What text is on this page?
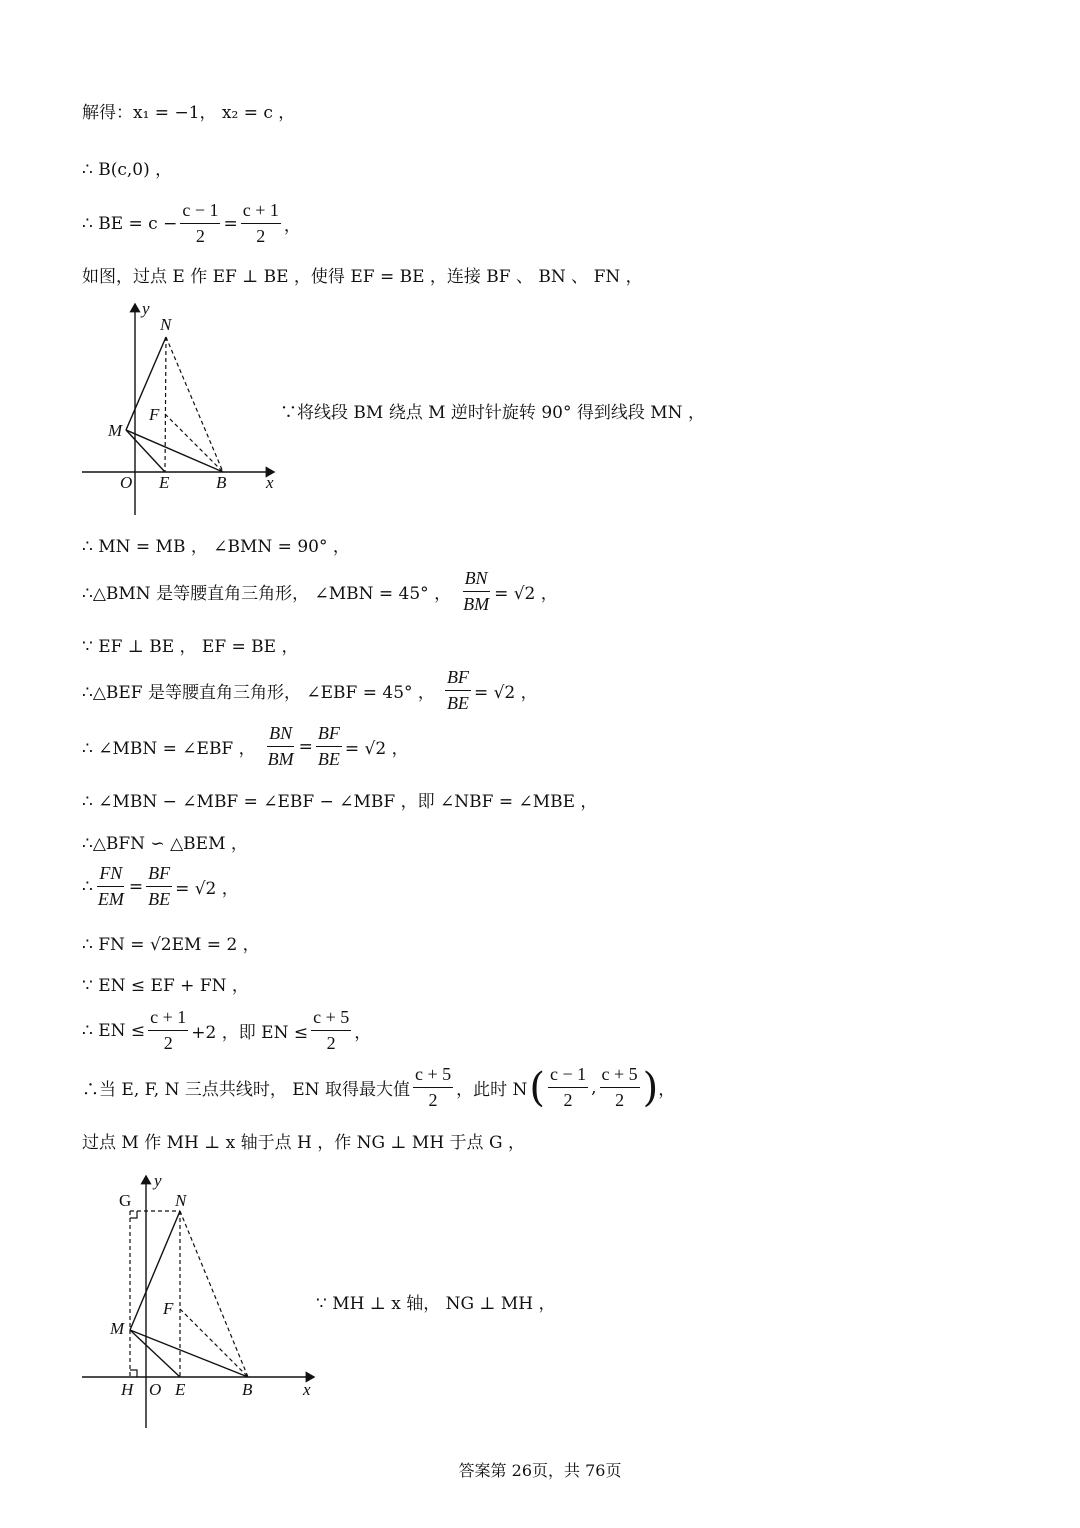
解得：x₁ = −1， x₂ = c ，
∴ B(c,0) ，
∴ BE = $c - \frac{c - 1}{2} = \frac{c + 1}{2}$ ，
如图，过点 E 作 EF ⊥ BE ，使得 EF = BE ，连接 BF 、 BN 、 FN ，
y
N
F
M
O E	B x
∵将线段 BM 绕点 M 逆时针旋转 90° 得到线段 MN ，
∴ MN = MB ， ∠BMN = 90° ，
∴△BMN 是等腰直角三角形， ∠MBN = 45° ， $\frac{BN}{BM} = √2$ ，
∵ EF ⊥ BE ， EF = BE ，
∴△BEF 是等腰直角三角形， ∠EBF = 45° ， $\frac{BF}{BE} = √2$ ，
∴ ∠MBN = ∠EBF ， $\frac{BN}{BM} = \frac{BF}{BE} = √2$ ，
∴ ∠MBN − ∠MBF = ∠EBF − ∠MBF ，即 ∠NBF = ∠MBE ，
∴△BFN ∽ △BEM ，
∴ $\frac{FN}{EM} = \frac{BF}{BE} = √2$ ，
∴ FN = √2EM = 2 ，
∵ EN ≤ EF + FN ，
∴ EN ≤ $\frac{c + 1}{2} +2$ ，即 EN ≤ $\frac{c + 5}{2}$ ，
∴当 E, F, N 三点共线时， EN 取得最大值 $\frac{c + 5}{2}$ ，此时 N ( $\frac{c - 1}{2}$ , $\frac{c + 5}{2}$ ) ，
过点 M 作 MH ⊥ x 轴于点 H ，作 NG ⊥ MH 于点 G ，
y
G	N
F
M
H O E	B	x
∵ MH ⊥ x 轴， NG ⊥ MH ，
答案第 26页，共 76页
